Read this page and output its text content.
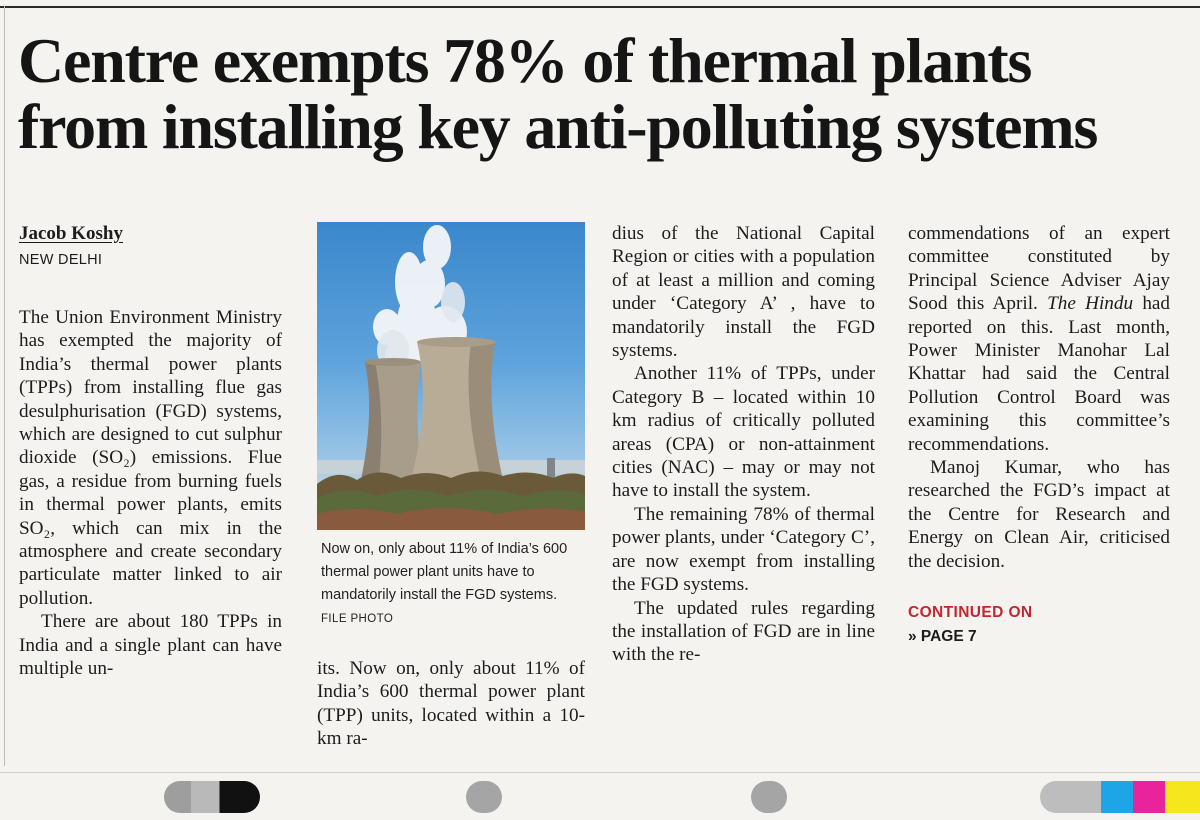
Centre exempts 78% of thermal plants
from installing key anti-polluting systems
Jacob Koshy
NEW DELHI

The Union Environment Ministry has exempted the majority of India’s thermal power plants (TPPs) from installing flue gas desulphurisation (FGD) systems, which are designed to cut sulphur dioxide (SO₂) emissions. Flue gas, a residue from burning fuels in thermal power plants, emits SO₂, which can mix in the atmosphere and create secondary particulate matter linked to air pollution.

There are about 180 TPPs in India and a single plant can have multiple un-

Now on, only about 11% of India’s 600 thermal power plant units have to mandatorily install the FGD systems. FILE PHOTO

its. Now on, only about 11% of India’s 600 thermal power plant (TPP) units, located within a 10-km ra-

dius of the National Capital Region or cities with a population of at least a million and coming under ‘Category A’ , have to mandatorily install the FGD systems.

Another 11% of TPPs, under Category B – located within 10 km radius of critically polluted areas (CPA) or non-attainment cities (NAC) – may or may not have to install the system.

The remaining 78% of thermal power plants, under ‘Category C’, are now exempt from installing the FGD systems.

The updated rules regarding the installation of FGD are in line with the re-

commendations of an expert committee constituted by Principal Science Adviser Ajay Sood this April. The Hindu had reported on this. Last month, Power Minister Manohar Lal Khattar had said the Central Pollution Control Board was examining this committee’s recommendations.

Manoj Kumar, who has researched the FGD’s impact at the Centre for Research and Energy on Clean Air, criticised the decision.

CONTINUED ON
» PAGE 7
